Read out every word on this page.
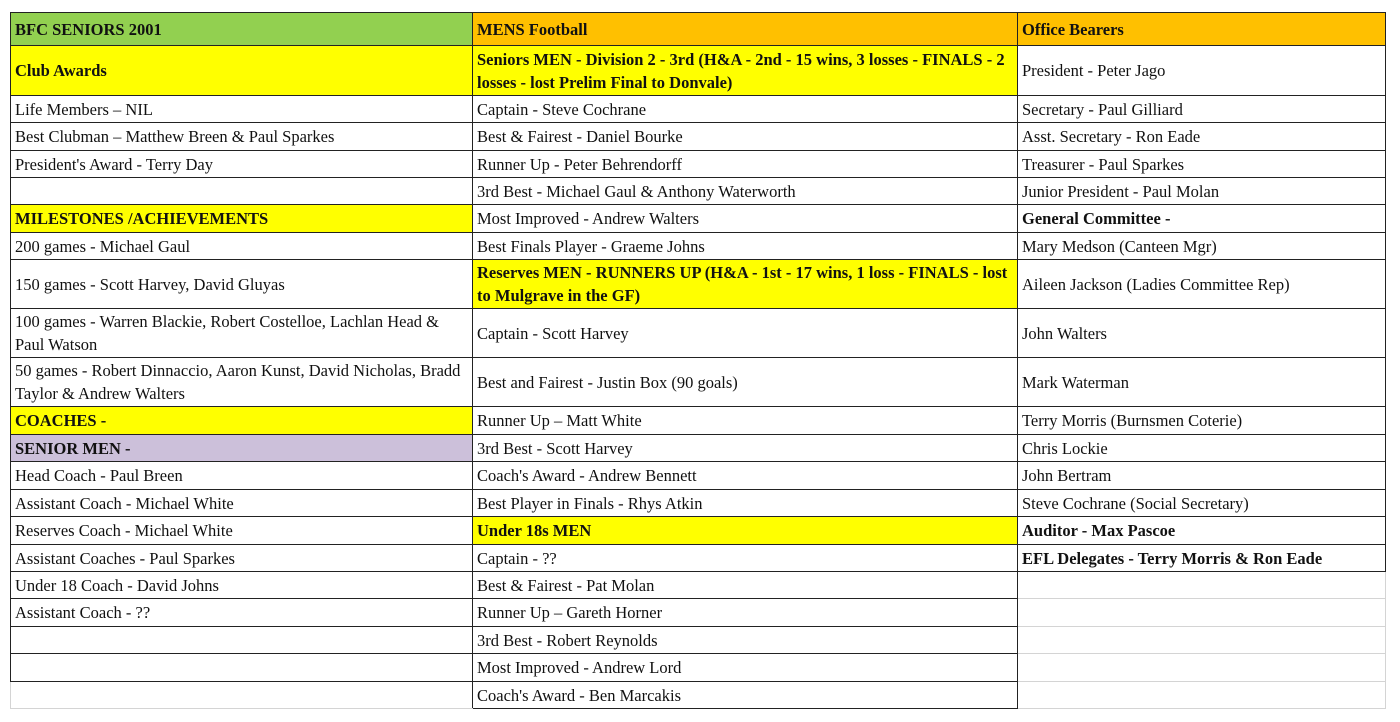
BFC SENIORS 2001	MENS Football	Office Bearers
Club Awards	Seniors MEN - Division 2 - 3rd (H&A - 2nd - 15 wins, 3 losses - FINALS - 2 losses - lost Prelim Final to Donvale)	President - Peter Jago
Life Members – NIL	Captain - Steve Cochrane	Secretary - Paul Gilliard
Best Clubman – Matthew Breen & Paul Sparkes	Best & Fairest - Daniel Bourke	Asst. Secretary - Ron Eade
President's Award - Terry Day	Runner Up - Peter Behrendorff	Treasurer - Paul Sparkes
	3rd Best - Michael Gaul & Anthony Waterworth	Junior President - Paul Molan
MILESTONES /ACHIEVEMENTS	Most Improved - Andrew Walters	General Committee -
200 games - Michael Gaul	Best Finals Player - Graeme Johns	Mary Medson (Canteen Mgr)
150 games - Scott Harvey, David Gluyas	Reserves MEN - RUNNERS UP (H&A - 1st - 17 wins, 1 loss - FINALS - lost to Mulgrave in the GF)	Aileen Jackson (Ladies Committee Rep)
100 games - Warren Blackie, Robert Costelloe, Lachlan Head & Paul Watson	Captain - Scott Harvey	John Walters
50 games - Robert Dinnaccio, Aaron Kunst, David Nicholas, Bradd Taylor & Andrew Walters	Best and Fairest - Justin Box (90 goals)	Mark Waterman
COACHES -	Runner Up – Matt White	Terry Morris (Burnsmen Coterie)
SENIOR MEN -	3rd Best - Scott Harvey	Chris Lockie
Head Coach - Paul Breen	Coach's Award - Andrew Bennett	John Bertram
Assistant Coach - Michael White	Best Player in Finals - Rhys Atkin	Steve Cochrane (Social Secretary)
Reserves Coach - Michael White	Under 18s MEN	Auditor - Max Pascoe
Assistant Coaches - Paul Sparkes	Captain - ??	EFL Delegates - Terry Morris & Ron Eade
Under 18 Coach - David Johns	Best & Fairest - Pat Molan	
Assistant Coach - ??	Runner Up – Gareth Horner	
	3rd Best - Robert Reynolds	
	Most Improved - Andrew Lord	
	Coach's Award - Ben Marcakis	
